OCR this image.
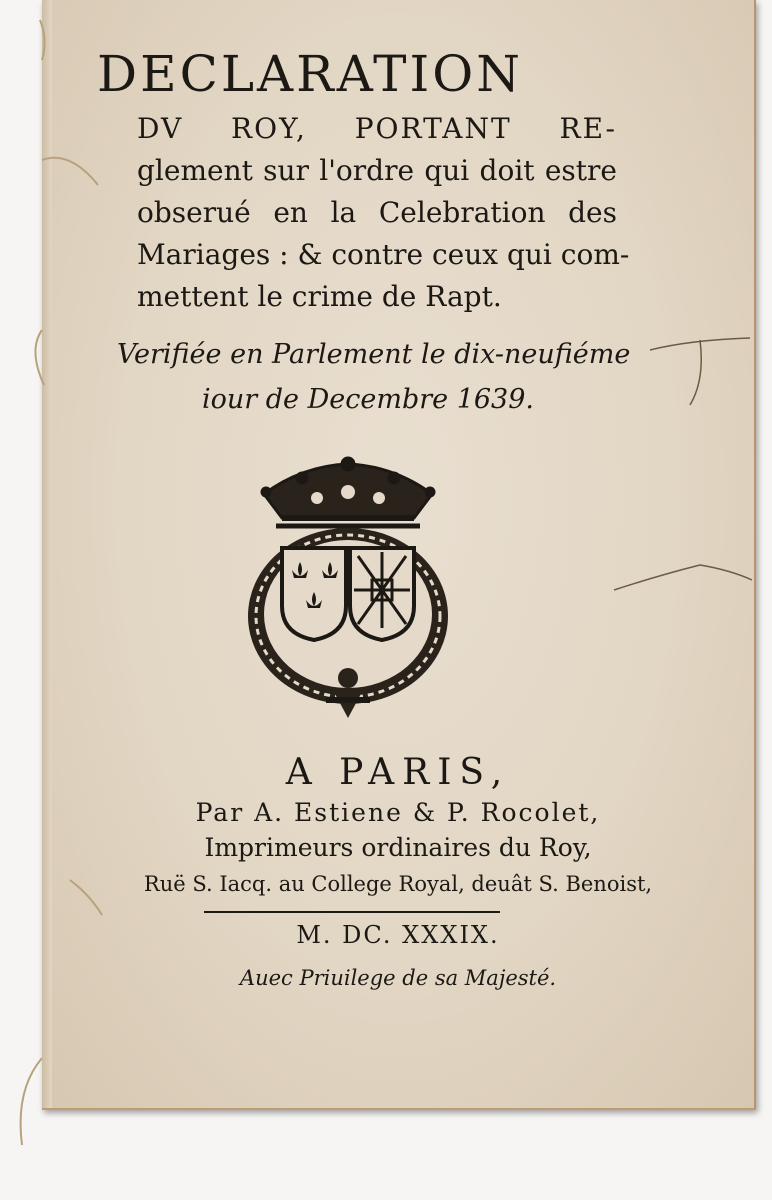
DECLARATION
DV ROY, PORTANT RE-
glement sur l'ordre qui doit estre
obserué en la Celebration des
Mariages : & contre ceux qui com-
mettent le crime de Rapt.
Verifiée en Parlement le dix-neufiéme
iour de Decembre 1639.
A PARIS,
Par A. Estiene & P. Rocolet,
Imprimeurs ordinaires du Roy,
Ruë S. Iacq. au College Royal, deuât S. Benoist,
M. DC. XXXIX.
Auec Priuilege de sa Majesté.
